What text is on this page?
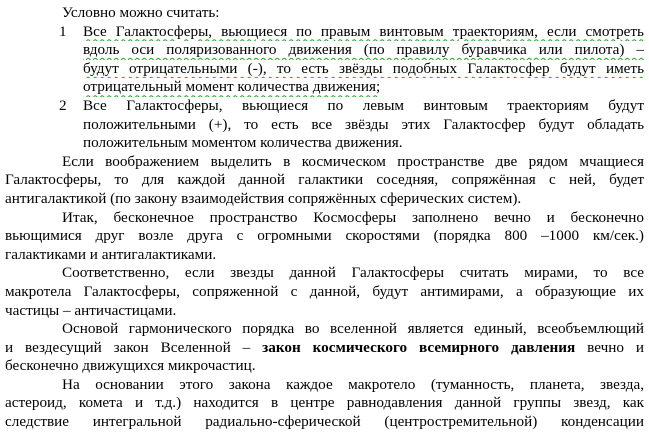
Условно можно считать:
1 Все Галактосферы, вьющиеся по правым винтовым траекториям, если смотреть
вдоль оси поляризованного движения (по правилу буравчика или пилота) –
будут отрицательными (-), то есть звёзды подобных Галактосфер будут иметь
отрицательный момент количества движения;
2 Все Галактосферы, вьющиеся по левым винтовым траекториям будут
положительными (+), то есть все звёзды этих Галактосфер будут обладать
положительным моментом количества движения.
Если воображением выделить в космическом пространстве две рядом мчащиеся
Галактосферы, то для каждой данной галактики соседняя, сопряжённая с ней, будет
антигалактикой (по закону взаимодействия сопряжённых сферических систем).
Итак, бесконечное пространство Космосферы заполнено вечно и бесконечно
вьющимися друг возле друга с огромными скоростями (порядка 800 –1000 км/сек.)
галактиками и антигалактиками.
Соответственно, если звезды данной Галактосферы считать мирами, то все
макротела Галактосферы, сопряженной с данной, будут антимирами, а образующие их
частицы – античастицами.
Основой гармонического порядка во вселенной является единый, всеобъемлющий
и вездесущий закон Вселенной – закон космического всемирного давления вечно и
бесконечно движущихся микрочастиц.
На основании этого закона каждое макротело (туманность, планета, звезда,
астероид, комета и т.д.) находится в центре равнодавления данной группы звезд, как
следствие интегральной радиально-сферической (центростремительной) конденсации
